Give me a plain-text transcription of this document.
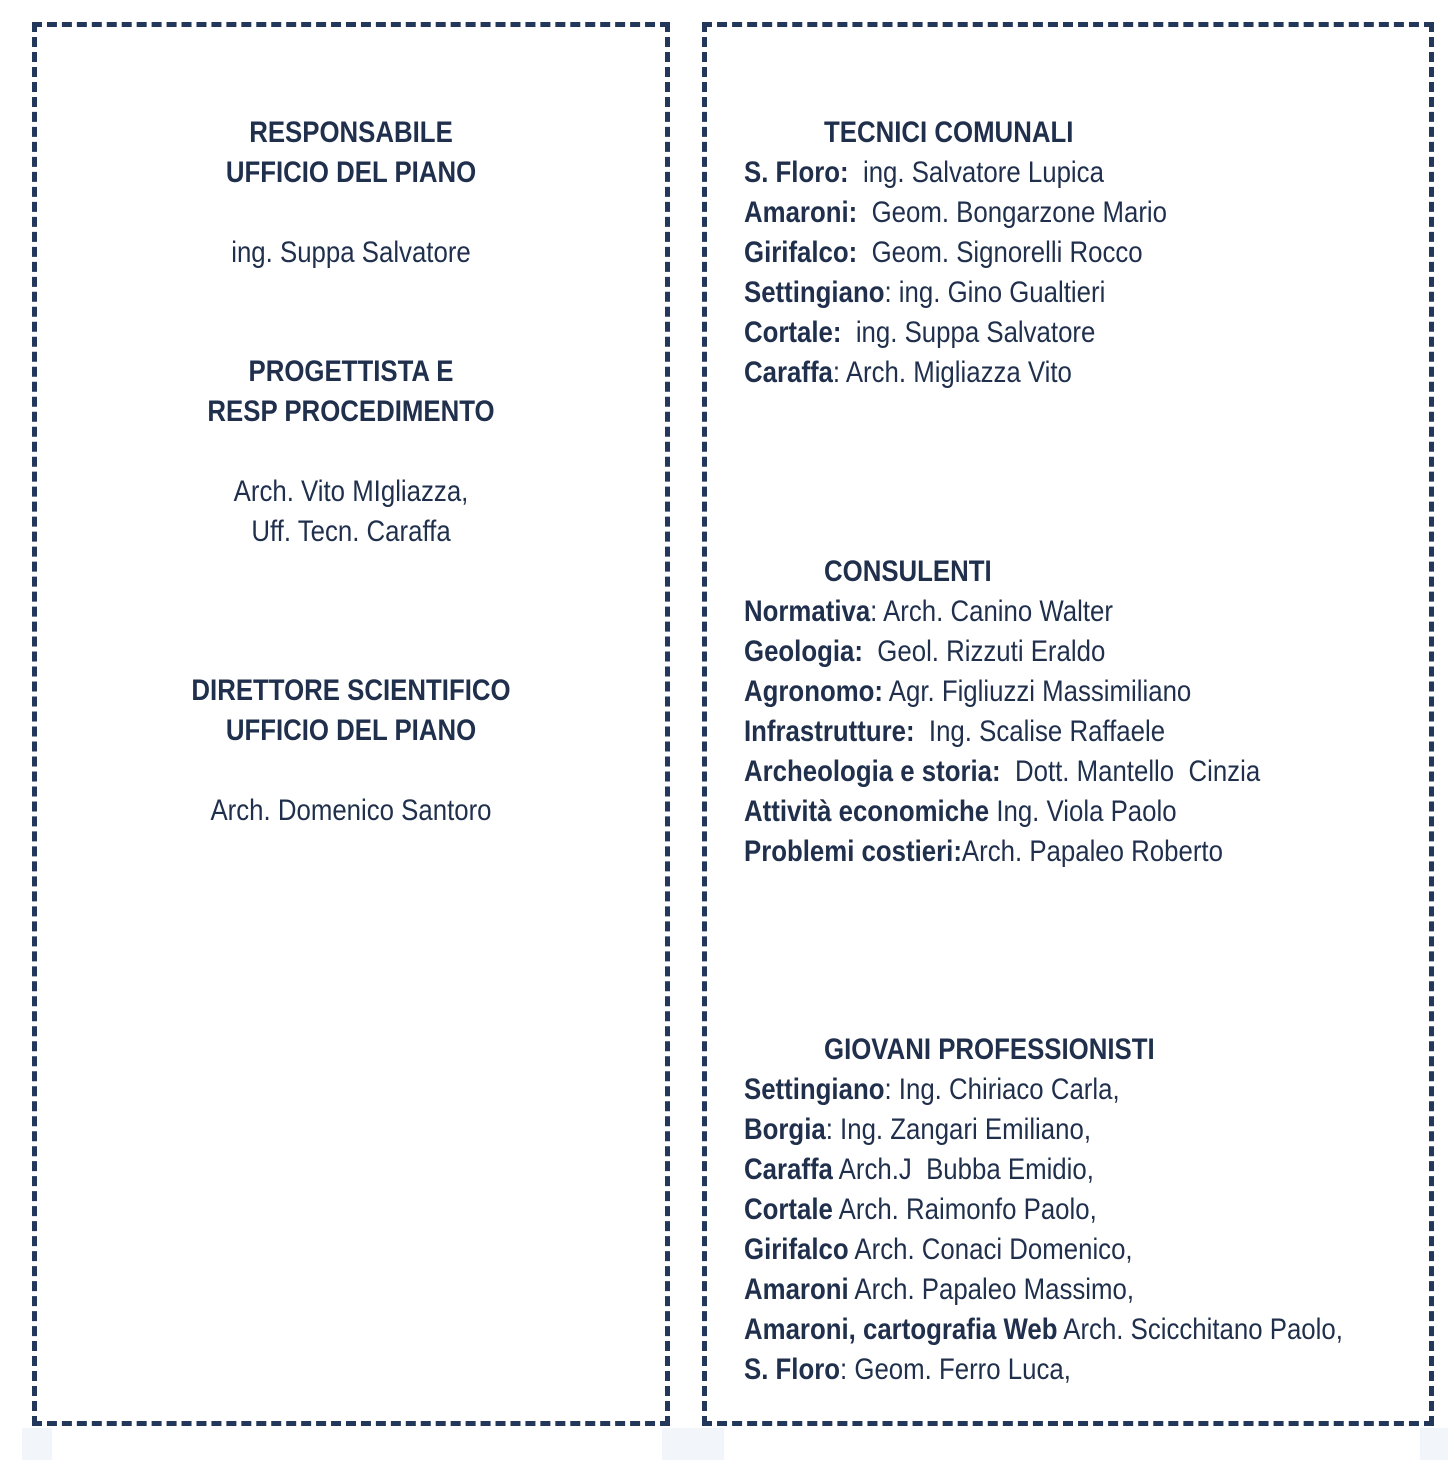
RESPONSABILE
UFFICIO DEL PIANO

ing. Suppa Salvatore
PROGETTISTA E
RESP PROCEDIMENTO

Arch. Vito MIgliazza,
Uff. Tecn. Caraffa
DIRETTORE SCIENTIFICO
UFFICIO DEL PIANO

Arch. Domenico Santoro
TECNICI COMUNALI
S. Floro:  ing. Salvatore Lupica
Amaroni:  Geom. Bongarzone Mario
Girifalco:  Geom. Signorelli Rocco
Settingiano: ing. Gino Gualtieri
Cortale:  ing. Suppa Salvatore
Caraffa: Arch. Migliazza Vito
CONSULENTI
Normativa: Arch. Canino Walter
Geologia:  Geol. Rizzuti Eraldo
Agronomo: Agr. Figliuzzi Massimiliano
Infrastrutture:  Ing. Scalise Raffaele
Archeologia e storia:  Dott. Mantello  Cinzia
Attività economiche Ing. Viola Paolo
Problemi costieri:Arch. Papaleo Roberto
GIOVANI PROFESSIONISTI
Settingiano: Ing. Chiriaco Carla,
Borgia: Ing. Zangari Emiliano,
Caraffa Arch.J  Bubba Emidio,
Cortale Arch. Raimonfo Paolo,
Girifalco Arch. Conaci Domenico,
Amaroni Arch. Papaleo Massimo,
Amaroni, cartografia Web Arch. Scicchitano Paolo,
S. Floro: Geom. Ferro Luca,
